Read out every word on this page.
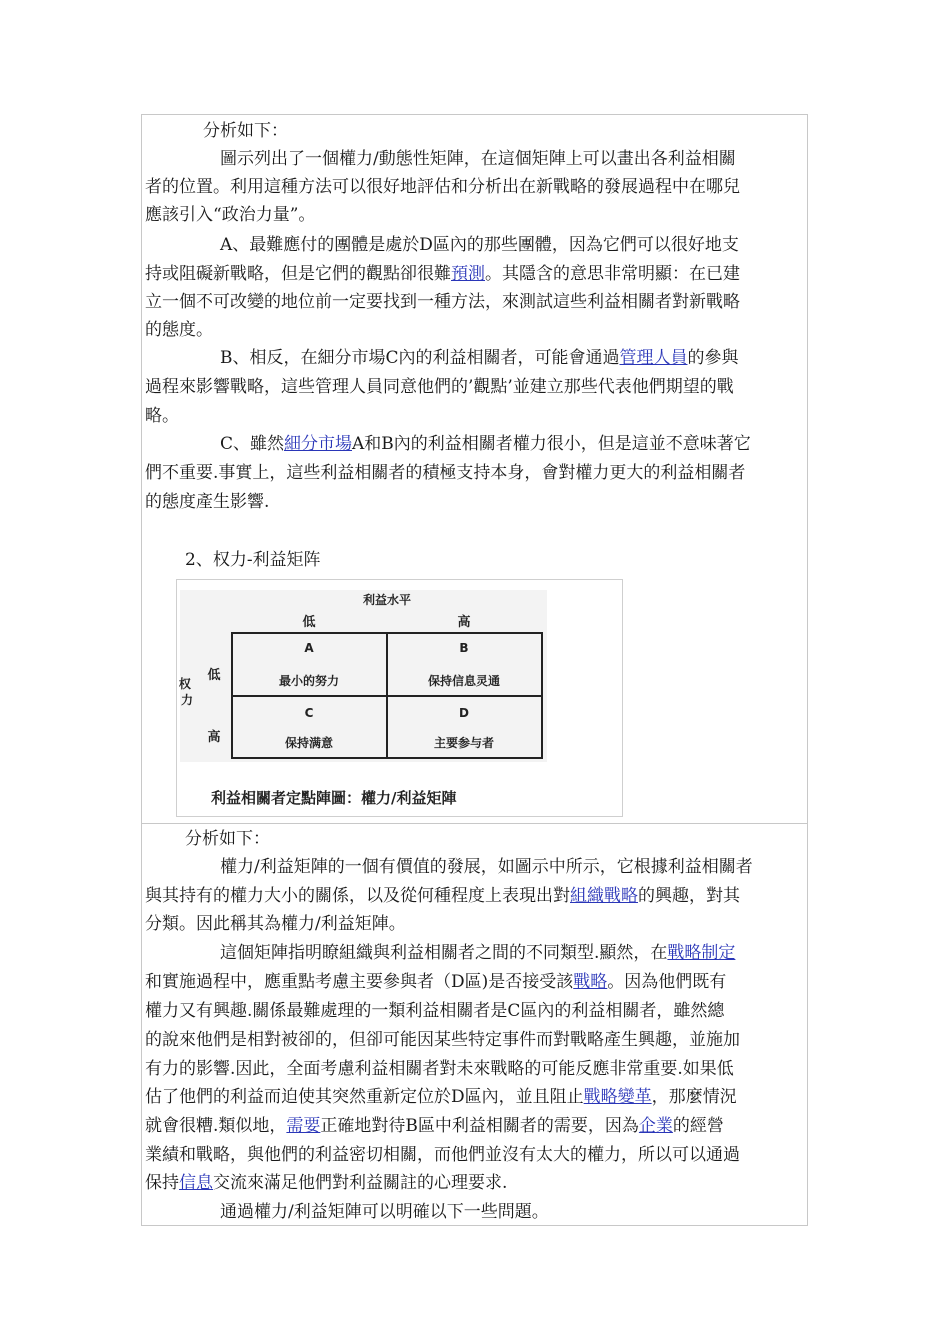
分析如下：
圖示列出了一個權力/動態性矩陣，在這個矩陣上可以畫出各利益相關
者的位置。利用這種方法可以很好地評估和分析出在新戰略的發展過程中在哪兒
應該引入“政治力量”。
A、最難應付的團體是處於D區內的那些團體，因為它們可以很好地支
持或阻礙新戰略，但是它們的觀點卻很難預測。其隱含的意思非常明顯：在已建
立一個不可改變的地位前一定要找到一種方法，來測試這些利益相關者對新戰略
的態度。
B、相反，在細分市場C內的利益相關者，可能會通過管理人員的參與
過程來影響戰略，這些管理人員同意他們的’觀點’並建立那些代表他們期望的戰
略。
C、雖然細分市場A和B內的利益相關者權力很小，但是這並不意味著它
們不重要.事實上，這些利益相關者的積極支持本身，會對權力更大的利益相關者
的態度產生影響.
2、权力-利益矩阵
利益水平
低	高
低
高
权 力
A
最小的努力
B
保持信息灵通
C
保持满意
D
主要参与者
利益相關者定點陣圖：權力/利益矩陣
分析如下：
權力/利益矩陣的一個有價值的發展，如圖示中所示，它根據利益相關者
與其持有的權力大小的關係，以及從何種程度上表現出對組織戰略的興趣，對其
分類。因此稱其為權力/利益矩陣。
這個矩陣指明瞭組織與利益相關者之間的不同類型.顯然，在戰略制定
和實施過程中，應重點考慮主要參與者（D區)是否接受該戰略。因為他們既有
權力又有興趣.關係最難處理的一類利益相關者是C區內的利益相關者，雖然總
的說來他們是相對被卻的，但卻可能因某些特定事件而對戰略產生興趣，並施加
有力的影響.因此，全面考慮利益相關者對未來戰略的可能反應非常重要.如果低
估了他們的利益而迫使其突然重新定位於D區內，並且阻止戰略變革，那麼情況
就會很糟.類似地，需要正確地對待B區中利益相關者的需要，因為企業的經營
業績和戰略，與他們的利益密切相關，而他們並沒有太大的權力，所以可以通過
保持信息交流來滿足他們對利益關註的心理要求.
通過權力/利益矩陣可以明確以下一些問題。
